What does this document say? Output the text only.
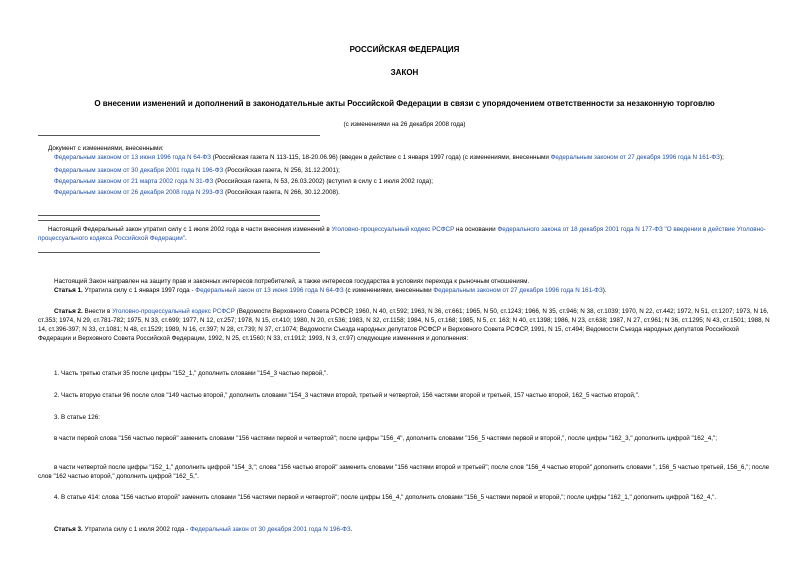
РОССИЙСКАЯ ФЕДЕРАЦИЯ
ЗАКОН
О внесении изменений и дополнений в законодательные акты Российской Федерации в связи с упорядочением ответственности за незаконную торговлю
(с изменениями на 26 декабря 2008 года)

Документ с изменениями, внесенными:

Федеральным законом от 13 июня 1996 года N 64-ФЗ (Российская газета N 113-115, 18-20.06.96) (введен в действие с 1 января 1997 года) (с изменениями, внесенными Федеральным законом от 27 декабря 1996 года N 161-ФЗ);

Федеральным законом от 30 декабря 2001 года N 196-ФЗ (Российская газета, N 256, 31.12.2001);

Федеральным законом от 21 марта 2002 года N 31-ФЗ (Российская газета, N 53, 26.03.2002) (вступил в силу с 1 июля 2002 года);

Федеральным законом от 26 декабря 2008 года N 293-ФЗ (Российская газета, N 266, 30.12.2008).

Настоящий Федеральный закон утратил силу с 1 июля 2002 года в части внесения изменений в Уголовно-процессуальный кодекс РСФСР на основании Федерального закона от 18 декабря 2001 года N 177-ФЗ "О введении в действие Уголовно-процессуального кодекса Российской Федерации".

Настоящий Закон направлен на защиту прав и законных интересов потребителей, а также интересов государства в условиях перехода к рыночным отношениям.

Статья 1. Утратила силу с 1 января 1997 года - Федеральный закон от 13 июня 1996 года N 64-ФЗ (с изменениями, внесенными Федеральным законом от 27 декабря 1996 года N 161-ФЗ).

Статья 2. Внести в Уголовно-процессуальный кодекс РСФСР (Ведомости Верховного Совета РСФСР, 1960, N 40, ст.592; 1963, N 36, ст.661; 1965, N 50, ст.1243; 1966, N 35, ст.946; N 38, ст.1039; 1970, N 22, ст.442; 1972, N 51, ст.1207; 1973, N 16, ст.353; 1974, N 29, ст.781-782; 1975, N 33, ст.699; 1977, N 12, ст.257; 1978, N 15, ст.410; 1980, N 20, ст.536; 1983, N 32, ст.1158; 1984, N 5, ст.168; 1985, N 5, ст. 163; N 40, ст.1398; 1986, N 23, ст.638; 1987, N 27, ст.961; N 36, ст.1295; N 43, ст.1501; 1988, N 14, ст.396-397; N 33, ст.1081; N 48, ст.1529; 1989, N 16, ст.397; N 28, ст.739; N 37, ст.1074; Ведомости Съезда народных депутатов РСФСР и Верховного Совета РСФСР, 1991, N 15, ст.494; Ведомости Съезда народных депутатов Российской Федерации и Верховного Совета Российской Федерации, 1992, N 25, ст.1560; N 33, ст.1912; 1993, N 3, ст.97) следующие изменения и дополнения:

1. Часть третью статьи 35 после цифры "152_1," дополнить словами "154_3 частью первой,".

2. Часть вторую статьи 96 после слов "149 частью второй," дополнить словами "154_3 частями второй, третьей и четвертой, 156 частями второй и третьей, 157 частью второй, 162_5 частью второй,".

3. В статье 126:

в части первой слова "156 частью первой" заменить словами "156 частями первой и четвертой"; после цифры "156_4", дополнить словами "156_5 частями первой и второй,", после цифры "162_3," дополнить цифрой "162_4,";

в части четвертой после цифры "152_1," дополнить цифрой "154_3,"; слова "156 частью второй" заменить словами "156 частями второй и третьей"; после слов "156_4 частью второй" дополнить словами ", 156_5 частью третьей, 156_6,"; после слов "162 частью второй," дополнить цифрой "162_5,".

4. В статье 414: слова "156 частью второй" заменить словами "156 частями первой и четвертой"; после цифры 156_4," дополнить словами "156_5 частями первой и второй,"; после цифры "162_1," дополнить цифрой "162_4,".

Статья 3. Утратила силу с 1 июля 2002 года - Федеральный закон от 30 декабря 2001 года N 196-ФЗ.
